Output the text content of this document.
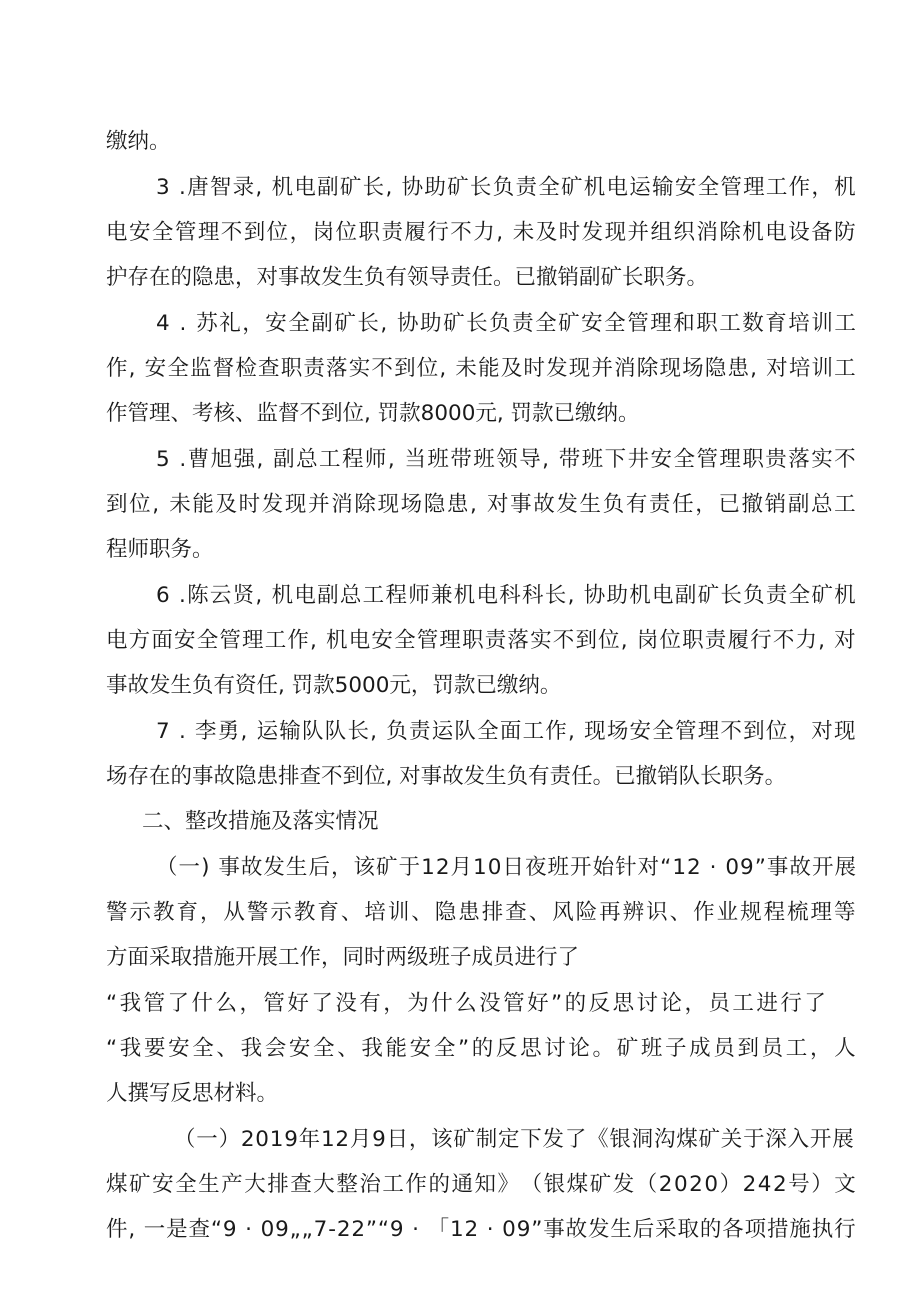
缴纳。
3
. 唐 智 录 ,
机 电 副 矿 长 ,
协 助 矿 长 负 责 全 矿 机 电 运 输 安 全 管 理 工 作 ， 机
电 安 全 管 理 不 到 位 ， 岗 位 职 责 履 行 不 力 ,
未 及 时 发 现 并 组 织 消 除 机 电 设 备 防
护存在的隐患，对事故发生负有领导责任。已撤销副矿长职务。
4
.
苏 礼 ， 安 全 副 矿 长 ,
协 助 矿 长 负 责 全 矿 安 全 管 理 和 职 工 数 育 培 训 工
作 ,
安 全 监 督 检 查 职 责 落 实 不 到 位 ,
未 能 及 时 发 现 并 消 除 现 场 隐 患 ,
对 培 训 工
作管理、考核、监督不到位, 罚款8000元, 罚款已缴纳。
5
. 曹 旭 强 ,
副 总 工 程 师 ,
当 班 带 班 领 导 ,
带 班 下 井 安 全 管 理 职 贵 落 实 不
到 位 ,
未 能 及 时 发 现 并 消 除 现 场 隐 患 ,
对 事 故 发 生 负 有 责 任 ， 已 撤 销 副 总 工
程师职务。
6
. 陈 云 贤 ,
机 电 副 总 工 程 师 兼 机 电 科 科 长 ,
协 助 机 电 副 矿 长 负 责 全 矿 机
电 方 面 安 全 管 理 工 作 ,
机 电 安 全 管 理 职 责 落 实 不 到 位 ,
岗 位 职 责 履 行 不 力 ,
对
事故发生负有资任, 罚款5000元，罚款已缴纳。
7
.
李 勇 ,
运 输 队 队 长 ,
负 责 运 队 全 面 工 作 ,
现 场 安 全 管 理 不 到 位 ， 对 现
场存在的事故隐患排查不到位, 对事故发生负有责任。已撤销队长职务。
二、整改措施及落实情况
（ 一 )
事 故 发 生 后 ， 该 矿 于 1 2 月 1 0 日 夜 班 开 始 针 对 “ 1 2
·
0 9 ” 事 故 开 展
警 示 教 育 ， 从 警 示 教 育 、 培 训 、 隐 患 排 查 、 风 险 再 辨 识 、 作 业 规 程 梳 理 等
方面采取措施开展工作，同时两级班子成员进行了
“ 我 管 了 什 么 ， 管 好 了 没 有 ， 为 什 么 没 管 好 ” 的 反 思 讨 论 ， 员 工 进 行 了
“ 我 要 安 全 、 我 会 安 全 、 我 能 安 全 ” 的 反 思 讨 论 。 矿 班 子 成 员 到 员 工 ， 人
人撰写反思材料。
（ 一 ） 2 0 1 9 年 1 2 月 9 日 ， 该 矿 制 定 下 发 了 《 银 洞 沟 煤 矿 关 于 深 入 开 展
煤 矿 安 全 生 产 大 排 查 大 整 治 工 作 的 通 知 》 （ 银 煤 矿 发 （ 2 0 2 0 ） 2 4 2 号 ） 文
件 ,
一 是 查 “ 9
·
0 9 „ „ 7 - 2 2 ” “ 9
·
「 1 2
·
0 9 ” 事 故 发 生 后 采 取 的 各 项 措 施 执 行
